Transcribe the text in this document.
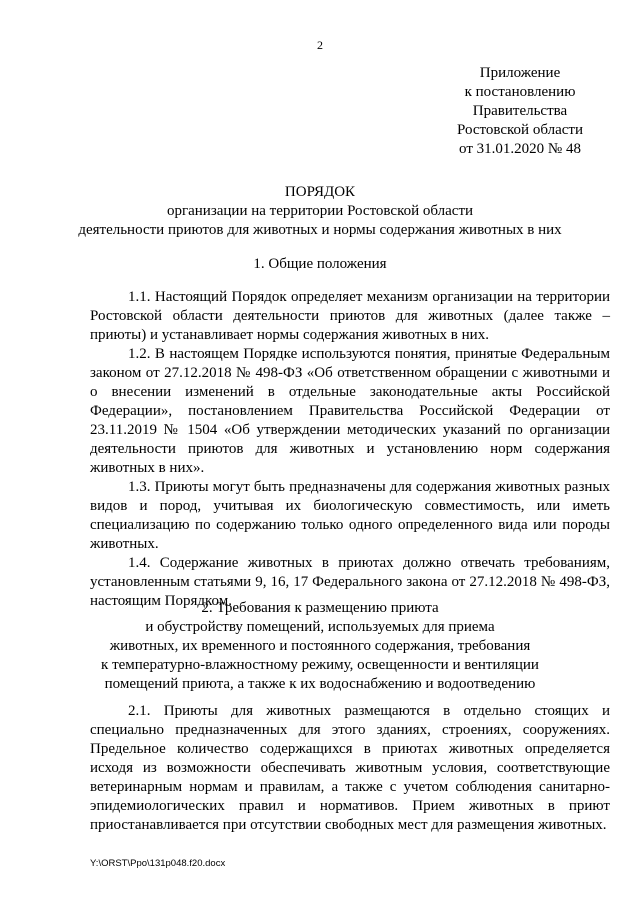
2
Приложение
к постановлению
Правительства
Ростовской области
от 31.01.2020 № 48
ПОРЯДОК
организации на территории Ростовской области
деятельности приютов для животных и нормы содержания животных в них
1. Общие положения

1.1. Настоящий Порядок определяет механизм организации на территории Ростовской области деятельности приютов для животных (далее также – приюты) и устанавливает нормы содержания животных в них.

1.2. В настоящем Порядке используются понятия, принятые Федеральным законом от 27.12.2018 № 498-ФЗ «Об ответственном обращении с животными и о внесении изменений в отдельные законодательные акты Российской Федерации», постановлением Правительства Российской Федерации от 23.11.2019 № 1504 «Об утверждении методических указаний по организации деятельности приютов для животных и установлению норм содержания животных в них».

1.3. Приюты могут быть предназначены для содержания животных разных видов и пород, учитывая их биологическую совместимость, или иметь специализацию по содержанию только одного определенного вида или породы животных.

1.4. Содержание животных в приютах должно отвечать требованиям, установленным статьями 9, 16, 17 Федерального закона от 27.12.2018 № 498-ФЗ, настоящим Порядком.

2. Требования к размещению приюта
и обустройству помещений, используемых для приема
животных, их временного и постоянного содержания, требования
к температурно-влажностному режиму, освещенности и вентиляции
помещений приюта, а также к их водоснабжению и водоотведению

2.1. Приюты для животных размещаются в отдельно стоящих и специально предназначенных для этого зданиях, строениях, сооружениях. Предельное количество содержащихся в приютах животных определяется исходя из возможности обеспечивать животным условия, соответствующие ветеринарным нормам и правилам, а также с учетом соблюдения санитарно-эпидемиологических правил и нормативов. Прием животных в приют приостанавливается при отсутствии свободных мест для размещения животных.

Y:\ORST\Ppo\131p048.f20.docx
